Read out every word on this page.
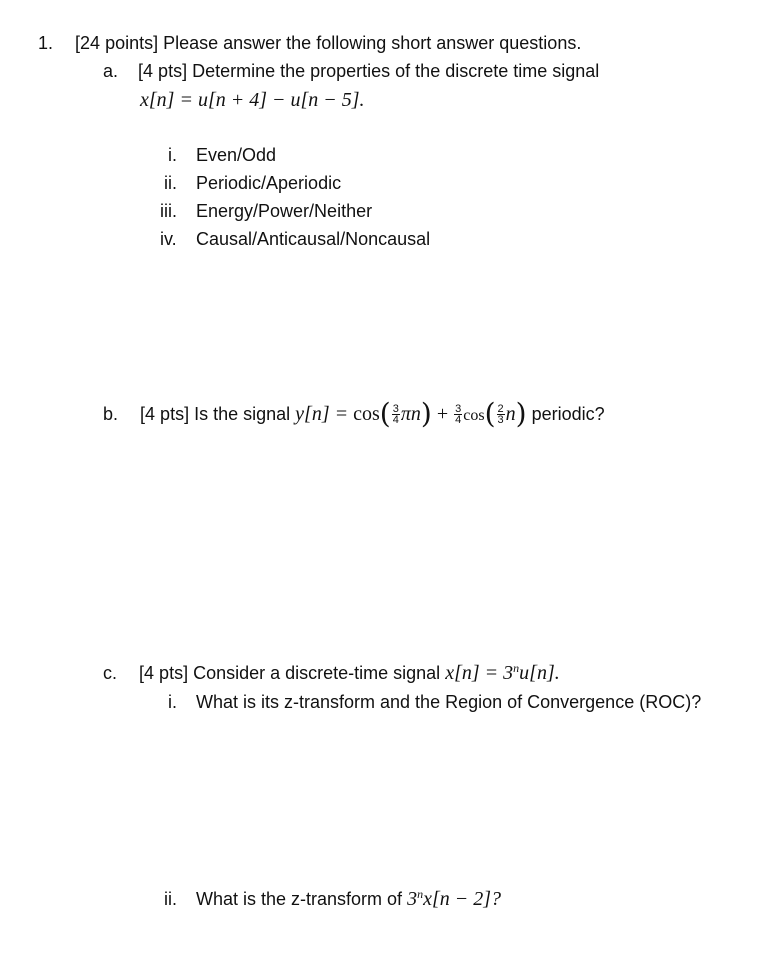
1. [24 points] Please answer the following short answer questions.
a. [4 pts] Determine the properties of the discrete time signal
x[n] = u[n + 4] − u[n − 5].
i. Even/Odd
ii. Periodic/Aperiodic
iii. Energy/Power/Neither
iv. Causal/Anticausal/Noncausal
b. [4 pts] Is the signal $y[n] = \cos( \frac{3}{4} \pi n) + \frac{3}{4} \cos( \frac{2}{3} n)$ periodic?
c. [4 pts] Consider a discrete-time signal $x[n] = 3^nu[n]$.
i. What is its z-transform and the Region of Convergence (ROC)?
ii. What is the z-transform of $3^nx[n - 2]$?
